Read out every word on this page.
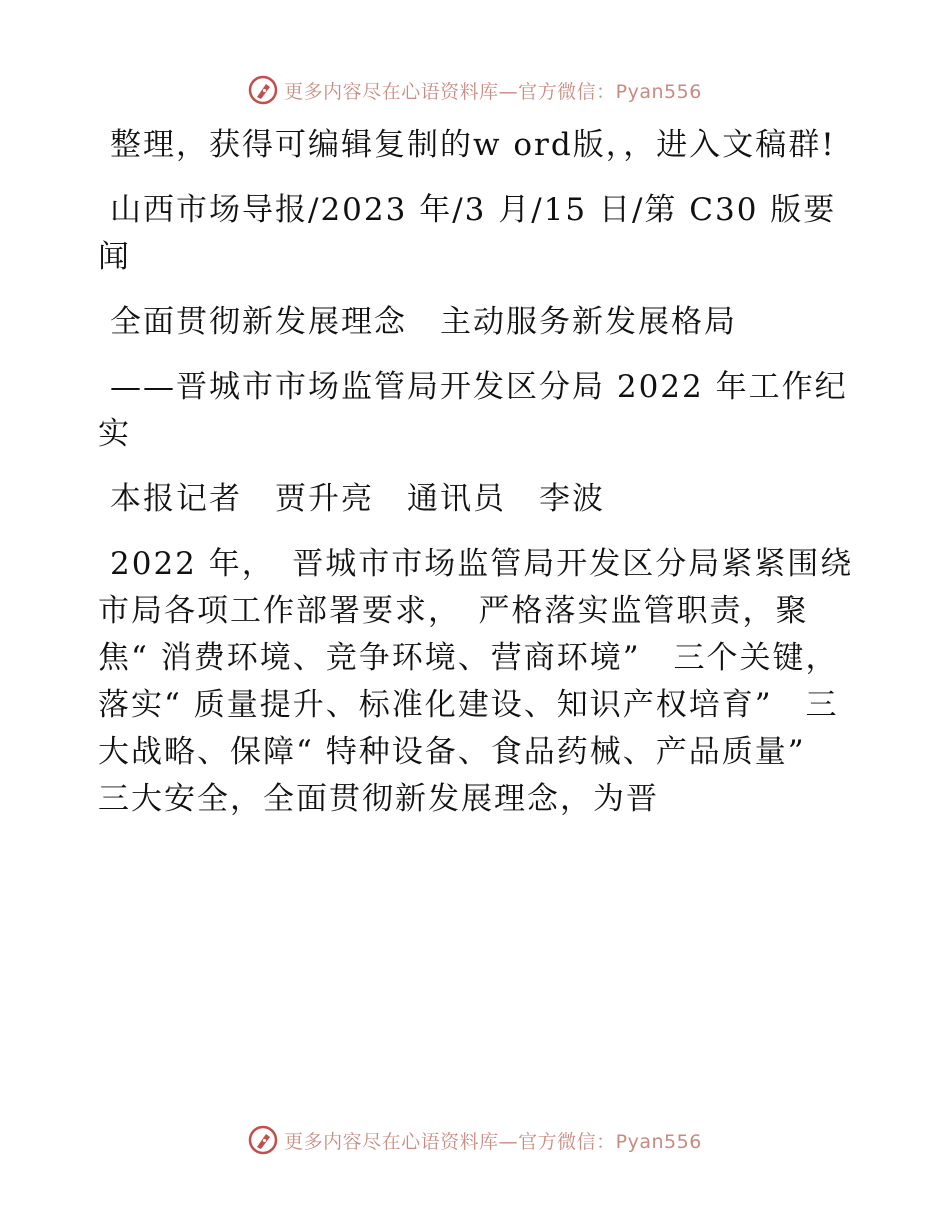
更多内容尽在心语资料库—官方微信：Pyan556

整理，获得可编辑复制的w ord版，，进入文稿群!

山西市场导报/2023 年/3 月/15 日/第 C30 版要闻

全面贯彻新发展理念　主动服务新发展格局

——晋城市市场监管局开发区分局 2022 年工作纪实

本报记者　贾升亮　通讯员　李波

2022 年，　晋城市市场监管局开发区分局紧紧围绕市局各项工作部署要求，　严格落实监管职责，聚焦“ 消费环境、竞争环境、营商环境”　三个关键，落实“ 质量提升、标准化建设、知识产权培育”　三大战略、保障“ 特种设备、食品药械、产品质量”　三大安全，全面贯彻新发展理念，为晋

更多内容尽在心语资料库—官方微信：Pyan556
